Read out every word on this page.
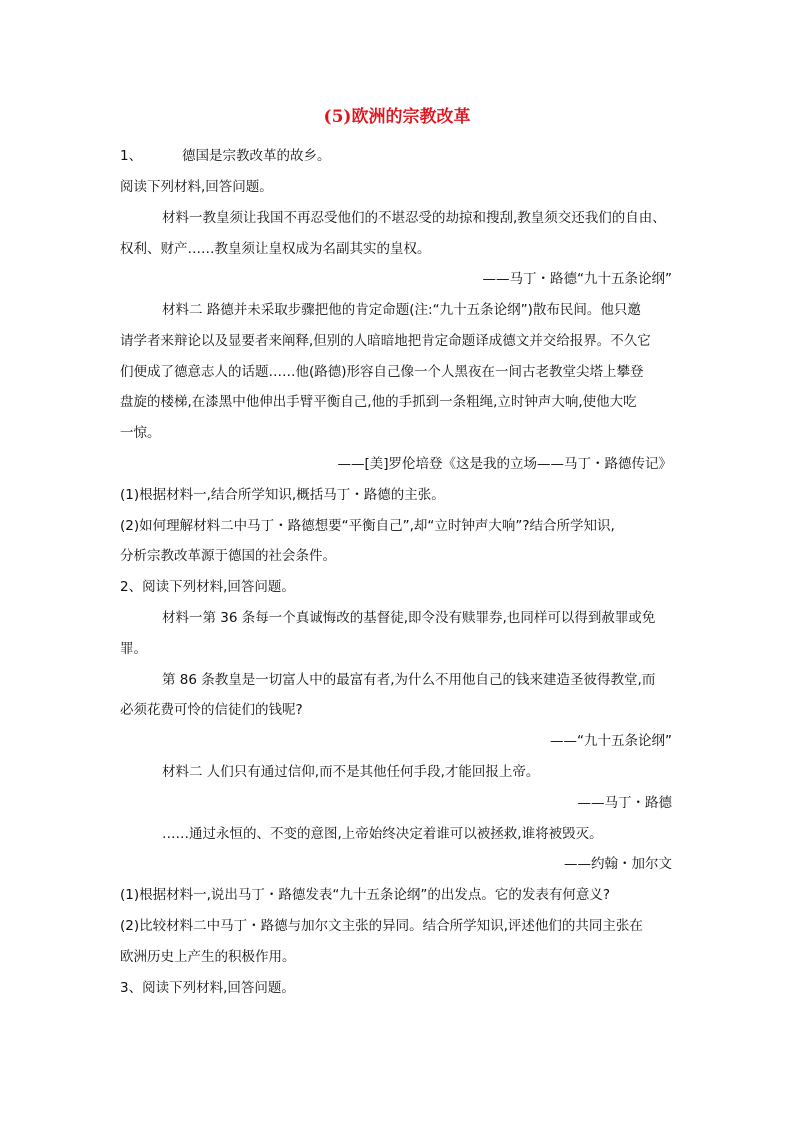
(5)欧洲的宗教改革
1、	德国是宗教改革的故乡。
阅读下列材料,回答问题。
材料一教皇须让我国不再忍受他们的不堪忍受的劫掠和搜刮,教皇须交还我们的自由、
权利、财产……教皇须让皇权成为名副其实的皇权。
——马丁・路德“九十五条论纲”
材料二 路德并未采取步骤把他的肯定命题(注:“九十五条论纲”)散布民间。他只邀
请学者来辩论以及显要者来阐释,但别的人暗暗地把肯定命题译成德文并交给报界。不久它
们便成了德意志人的话题……他(路德)形容自己像一个人黑夜在一间古老教堂尖塔上攀登
盘旋的楼梯,在漆黑中他伸出手臂平衡自己,他的手抓到一条粗绳,立时钟声大响,使他大吃
一惊。
——[美]罗伦培登《这是我的立场——马丁・路德传记》
(1)根据材料一,结合所学知识,概括马丁・路德的主张。
(2)如何理解材料二中马丁・路德想要“平衡自己”,却“立时钟声大响”?结合所学知识,
分析宗教改革源于德国的社会条件。
2、阅读下列材料,回答问题。
材料一第 36 条每一个真诚悔改的基督徒,即令没有赎罪券,也同样可以得到赦罪或免
罪。
第 86 条教皇是一切富人中的最富有者,为什么不用他自己的钱来建造圣彼得教堂,而
必须花费可怜的信徒们的钱呢?
——“九十五条论纲”
材料二 人们只有通过信仰,而不是其他任何手段,才能回报上帝。
——马丁・路德
……通过永恒的、不变的意图,上帝始终决定着谁可以被拯救,谁将被毁灭。
——约翰・加尔文
(1)根据材料一,说出马丁・路德发表“九十五条论纲”的出发点。它的发表有何意义?
(2)比较材料二中马丁・路德与加尔文主张的异同。结合所学知识,评述他们的共同主张在
欧洲历史上产生的积极作用。
3、阅读下列材料,回答问题。
